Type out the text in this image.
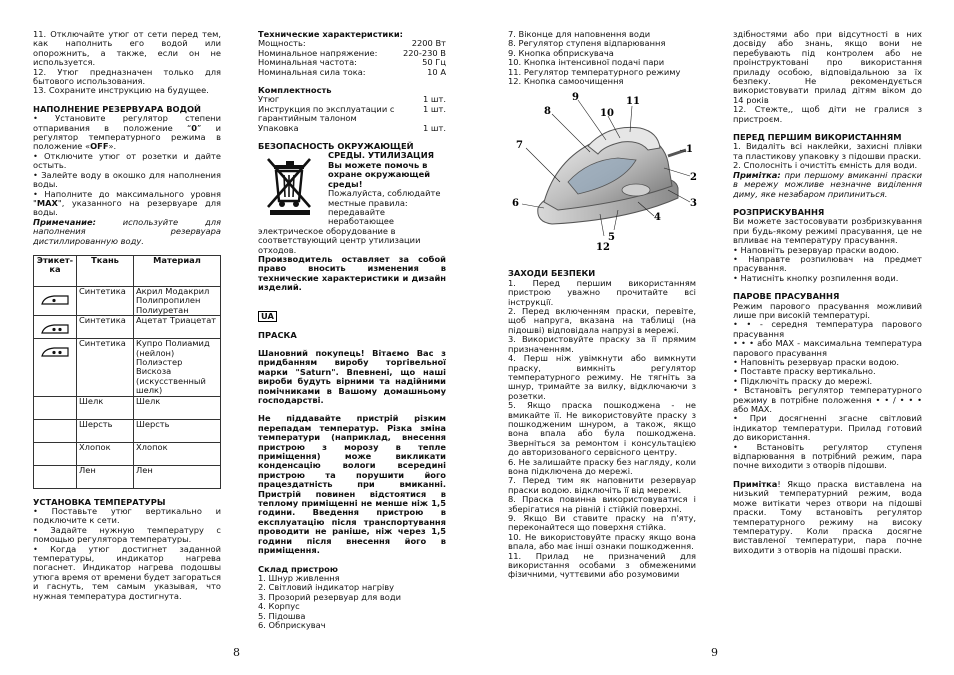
11. Отключайте утюг от сети перед тем, как наполнить его водой или опорожнить, а также, если он не используется.

12. Утюг предназначен только для бытового использования.

13. Сохраните инструкцию на будущее.

НАПОЛНЕНИЕ РЕЗЕРВУАРА ВОДОЙ

• Установите регулятор степени отпаривания в положение “0” и регулятор температурного режима в положение «OFF».

• Отключите утюг от розетки и дайте остыть.

• Залейте воду в окошко для наполнения воды.

• Наполните до максимального уровня "MAX", указанного на резервуаре для воды.

Примечание: используйте для наполнения резервуара дистиллированную воду.

Этикет-ка	Ткань	Материал

	Синтетика	Акрил Модакрил Полипропилен Полиуретан

	Синтетика	Ацетат Триацетат

	Синтетика	Купро Полиамид (нейлон) Полиэстер Вискоза (искусственный шелк)
	Шелк	Шелк
	Шерсть	Шерсть
	Хлопок	Хлопок
	Лен	Лен

УСТАНОВКА ТЕМПЕРАТУРЫ

• Поставьте утюг вертикально и подключите к сети.

• Задайте нужную температуру с помощью регулятора температуры.

• Когда утюг достигнет заданной температуры, индикатор нагрева погаснет. Индикатор нагрева подошвы утюга время от времени будет загораться и гаснуть, тем самым указывая, что нужная температура достигнута.

Технические характеристики:

Мощность:	2200 Вт
Номинальное напряжение:	220-230 В
Номинальная частота:	50 Гц
Номинальная сила тока:	10 А

Комплектность

Утюг	1 шт.
Инструкция по эксплуатации с гарантийным талоном
1 шт.
Упаковка	1 шт.

БЕЗОПАСНОСТЬ ОКРУЖАЮЩЕЙ

СРЕДЫ. УТИЛИЗАЦИЯ

Вы можете помочь в охране окружающей среды!

Пожалуйста, соблюдайте местные правила: передавайте неработающее электрическое оборудование в соответствующий центр утилизации отходов.

Производитель оставляет за собой право вносить изменения в технические характеристики и дизайн изделий.

UA

ПРАСКА

Шановний покупець! Вітаємо Вас з придбанням виробу торгівельної марки "Saturn". Впевнені, що наші вироби будуть вірними та надійними помічниками в Вашому домашньому господарстві.

Не піддавайте пристрій різким перепадам температур. Різка зміна температури (наприклад, внесення пристрою з морозу в тепле приміщення) може викликати конденсацію вологи всередині пристрою та порушити його працездатність при вмиканні. Пристрій повинен відстоятися в теплому приміщенні не менше ніж 1,5 години. Введення пристрою в експлуатацію після транспортування проводити не раніше, ніж через 1,5 години після внесення його в приміщення.

Склад пристрою

1. Шнур живлення

2. Світловий індикатор нагріву

3. Прозорий резервуар для води

4. Корпус

5. Підошва

6. Обприскувач

7. Віконце для наповнення води

8. Регулятор ступеня відпарювання

9. Кнопка обприскувача

10. Кнопка інтенсивної подачі пари

11. Регулятор температурного режиму

12. Кнопка самоочищення

1
2
3
4
5
6
7
8
9
10
11
12

ЗАХОДИ БЕЗПЕКИ

1. Перед першим використанням пристрою уважно прочитайте всі інструкції.

2. Перед включенням праски, перевіте, щоб напруга, вказана на таблиці (на підошві) відповідала напрузі в мережі.

3. Використовуйте праску за її прямим призначенням.

4. Перш ніж увімкнути або вимкнути праску, вимкніть регулятор температурного режиму. Не тягніть за шнур, тримайте за вилку, відключаючи з розетки.

5. Якщо праска пошкоджена - не вмикайте її. Не використовуйте праску з пошкодженим шнуром, а також, якщо вона впала або була пошкоджена. Зверніться за ремонтом і консультацією до авторизованого сервісного центру.

6. Не залишайте праску без нагляду, коли вона підключена до мережі.

7. Перед тим як наповнити резервуар праски водою. відключіть її від мережі.

8. Праска повинна використовуватися і зберігатися на рівній і стійкій поверхні.

9. Якщо Ви ставите праску на п'яту, переконайтеся що поверхня стійка.

10. Не використовуйте праску якщо вона впала, або має інші ознаки пошкодження.

11. Прилад не призначений для використання особами з обмеженими фізичними, чуттєвими або розумовими

здібностями або при відсутності в них досвіду або знань, якщо вони не перебувають під контролем або не проінструктовані про використання приладу особою, відповідальною за їх безпеку. Не рекомендується використовувати прилад дітям віком до 14 років

12. Стежте,, щоб діти не гралися з пристроєм.

ПЕРЕД ПЕРШИМ ВИКОРИСТАННЯМ

1. Видаліть всі наклейки, захисні плівки та пластикову упаковку з підошви праски.

2. Сполосніть і очистіть ємність для води.

Примітка: при першому вмиканні праски в мережу можливе незначне виділення диму, яке незабаром припиниться.

РОЗПРИСКУВАННЯ

Ви можете застосовувати розбризкування при будь-якому режимі прасування, це не впливає на температуру прасування.

• Наповніть резервуар праски водою.

• Направте розпилювач на предмет прасування.

• Натисніть кнопку розпилення води.

ПАРОВЕ ПРАСУВАННЯ

Режим парового прасування можливий лише при високій температурі.

• • - середня температура парового прасування

• • • або MAX - максимальна температура парового прасування

• Наповніть резервуар праски водою.

• Поставте праску вертикально.

• Підключіть праску до мережі.

• Встановіть регулятор температурного режиму в потрібне положення • • / • • • або MAX.

• При досягненні згасне світловий індикатор температури. Прилад готовий до використання.

• Встановіть регулятор ступеня відпарювання в потрібний режим, пара почне виходити з отворів підошви.

Примітка! Якщо праска виставлена на низький температурний режим, вода може витікати через отвори на підошві праски. Тому встановіть регулятор температурного режиму на високу температуру. Коли праска досягне виставленої температури, пара почне виходити з отворів на підошві праски.

8	9
